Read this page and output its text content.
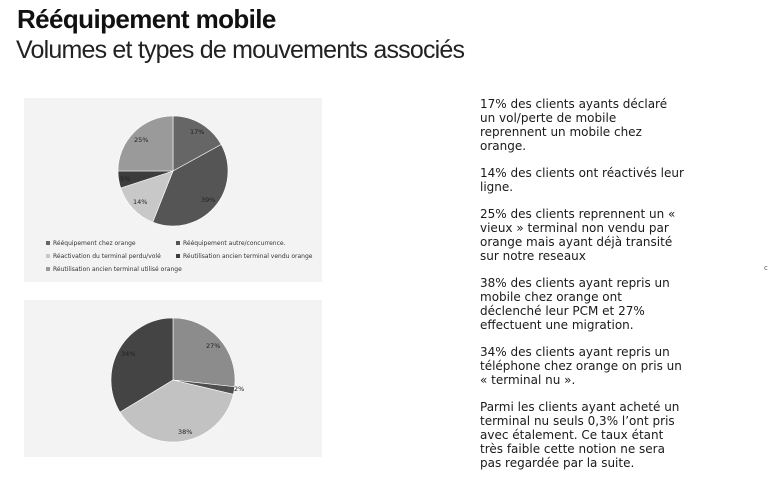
Rééquipement mobile
Volumes et types de mouvements associés
17%
39%
14%
5%
25%
Rééquipement chez orange	Rééquipement autre/concurrence.
Réactivation du terminal perdu/volé	Réutilisation ancien terminal vendu orange
Réutilisation ancien terminal utilisé orange
27%
2%
38%
34%

17% des clients ayants déclaré un vol/perte de mobile reprennent un mobile chez orange.

14% des clients ont réactivés leur ligne.

25% des clients reprennent un « vieux » terminal non vendu par orange mais ayant déjà transité sur notre reseaux

38% des clients ayant repris un mobile chez orange ont déclenché leur PCM et 27% effectuent une migration.

34% des clients ayant repris un téléphone chez orange on pris un « terminal nu ».

Parmi les clients ayant acheté un terminal nu seuls 0,3% l’ont pris avec étalement. Ce taux étant très faible cette notion ne sera pas regardée par la suite.

c
